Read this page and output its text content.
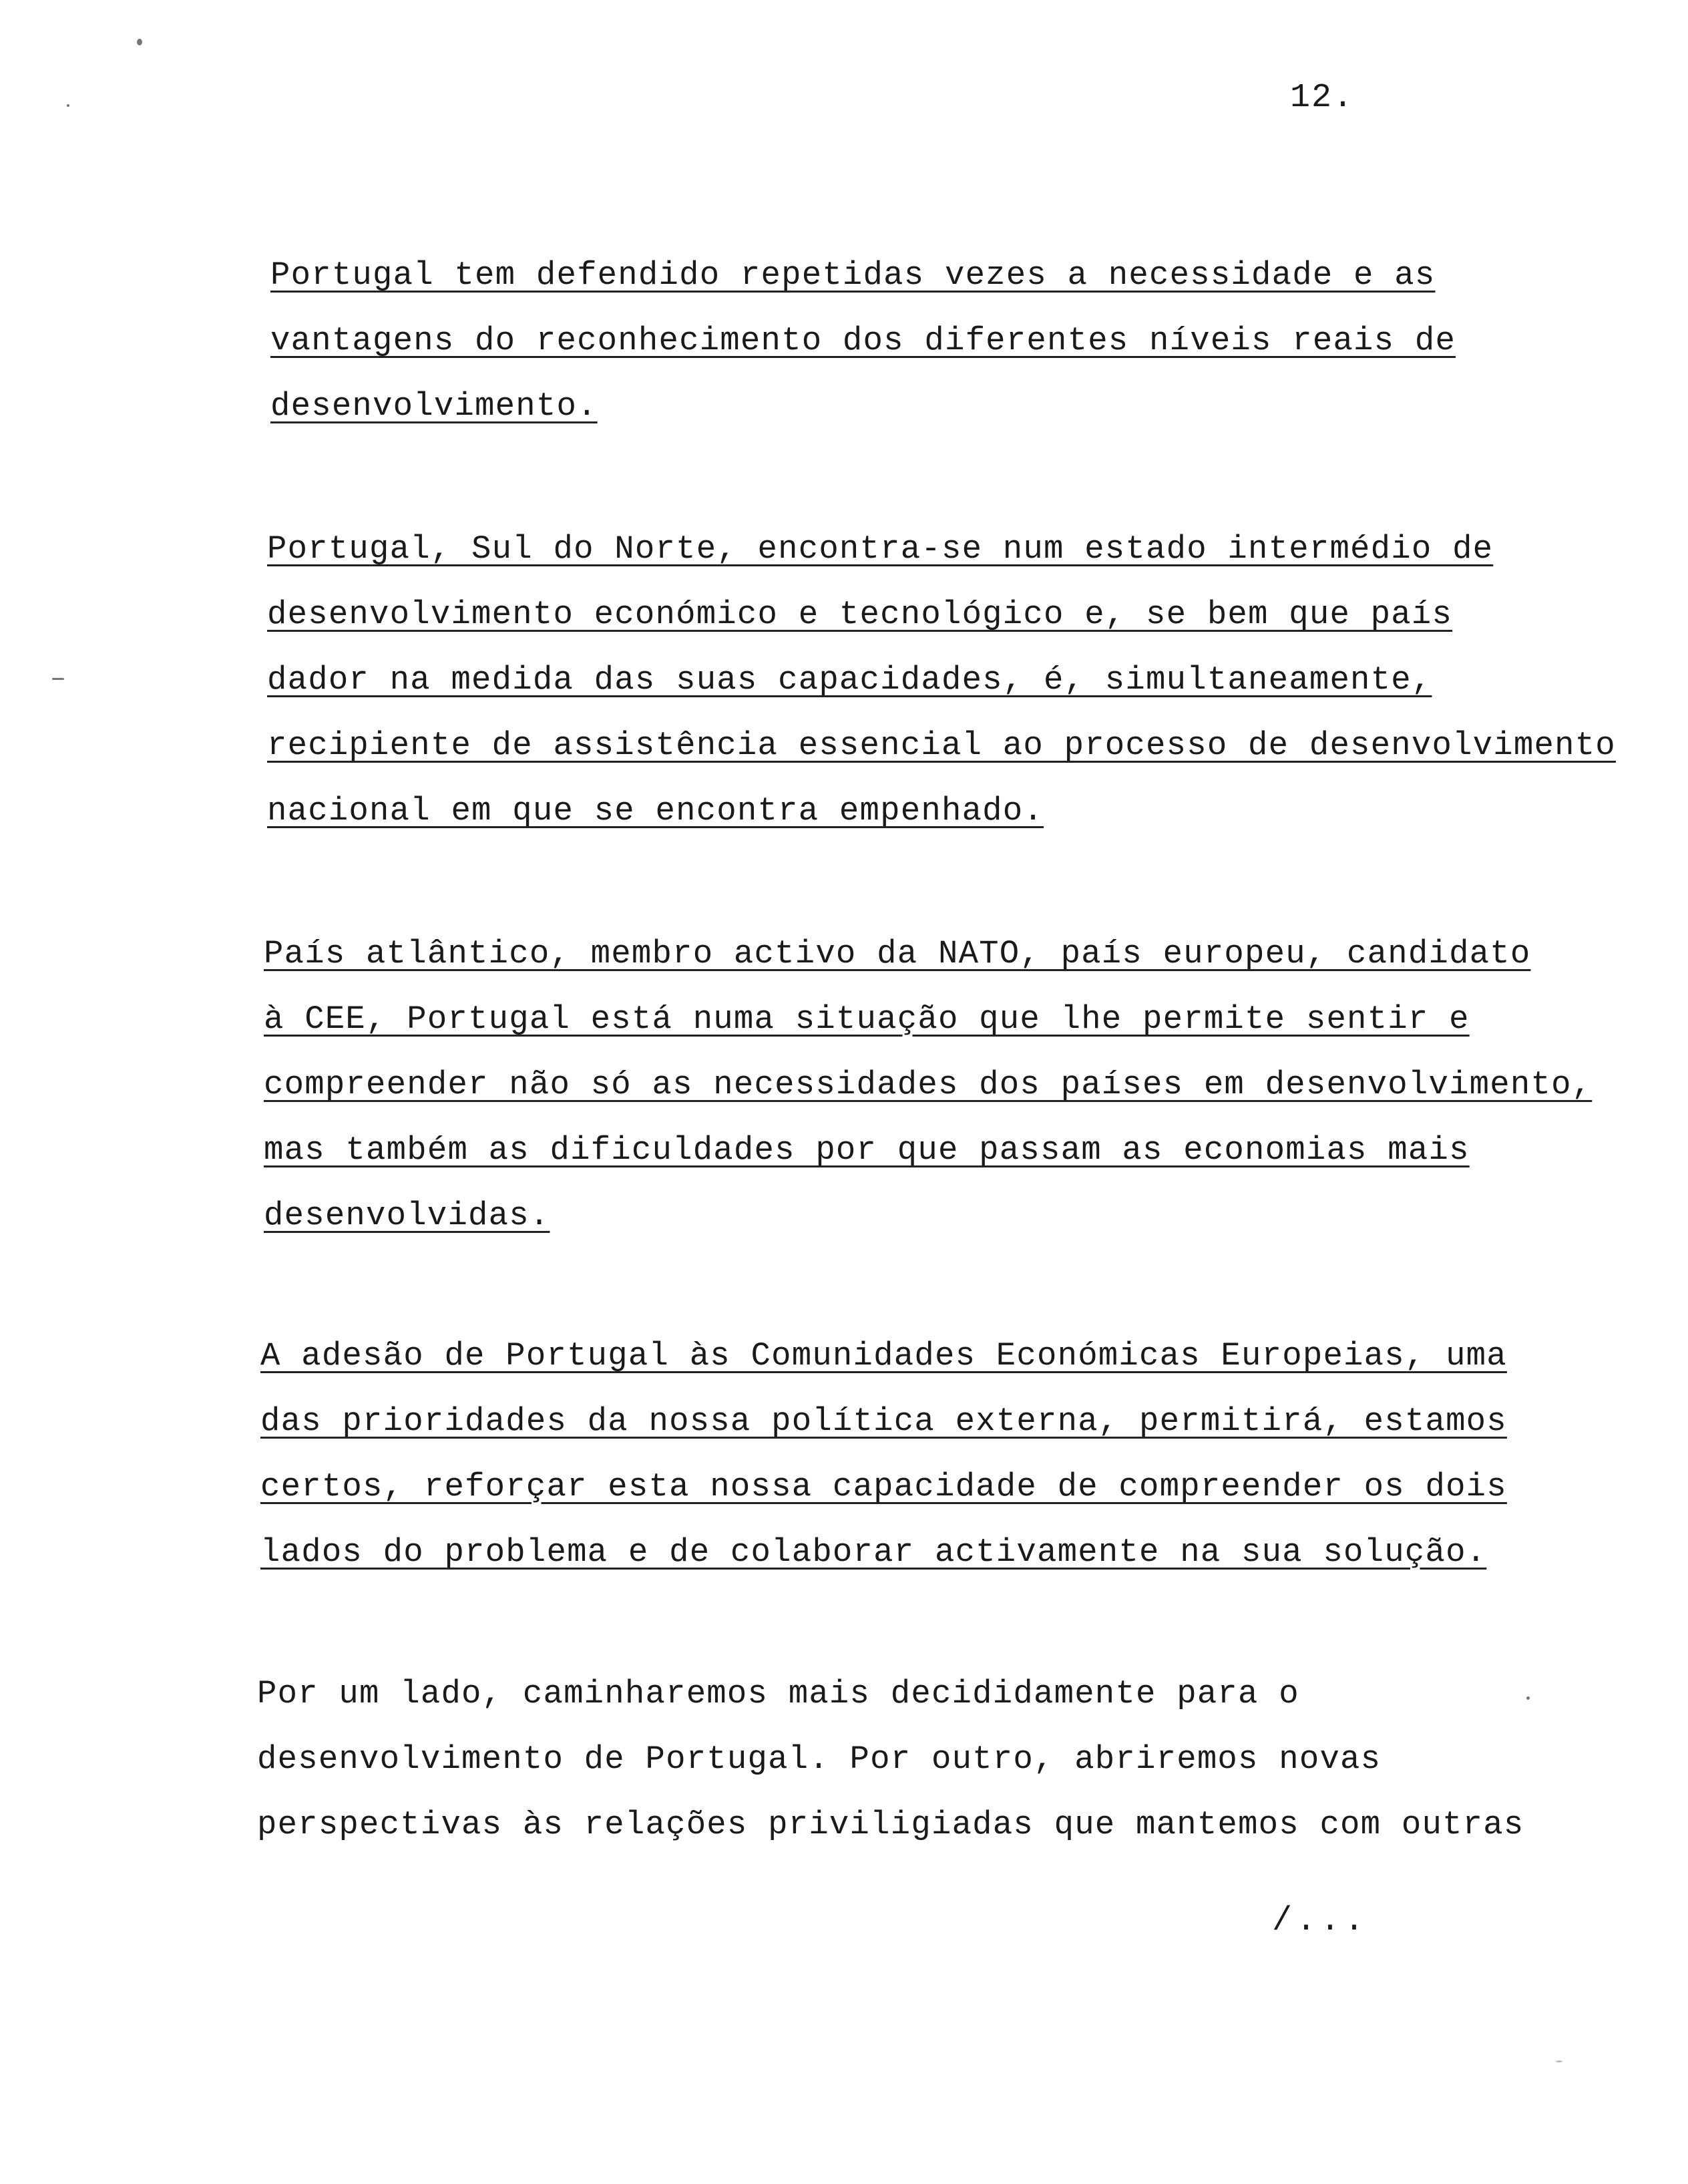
12.
Portugal tem defendido repetidas vezes a necessidade e as
vantagens do reconhecimento dos diferentes níveis reais de
desenvolvimento.
Portugal, Sul do Norte, encontra-se num estado intermédio de
desenvolvimento económico e tecnológico e, se bem que país
dador na medida das suas capacidades, é, simultaneamente,
recipiente de assistência essencial ao processo de desenvolvimento
nacional em que se encontra empenhado.
País atlântico, membro activo da NATO, país europeu, candidato
à CEE, Portugal está numa situação que lhe permite sentir e
compreender não só as necessidades dos países em desenvolvimento,
mas também as dificuldades por que passam as economias mais
desenvolvidas.
A adesão de Portugal às Comunidades Económicas Europeias, uma
das prioridades da nossa política externa, permitirá, estamos
certos, reforçar esta nossa capacidade de compreender os dois
lados do problema e de colaborar activamente na sua solução.
Por um lado, caminharemos mais decididamente para o
desenvolvimento de Portugal. Por outro, abriremos novas
perspectivas às relações priviligiadas que mantemos com outras
/...
